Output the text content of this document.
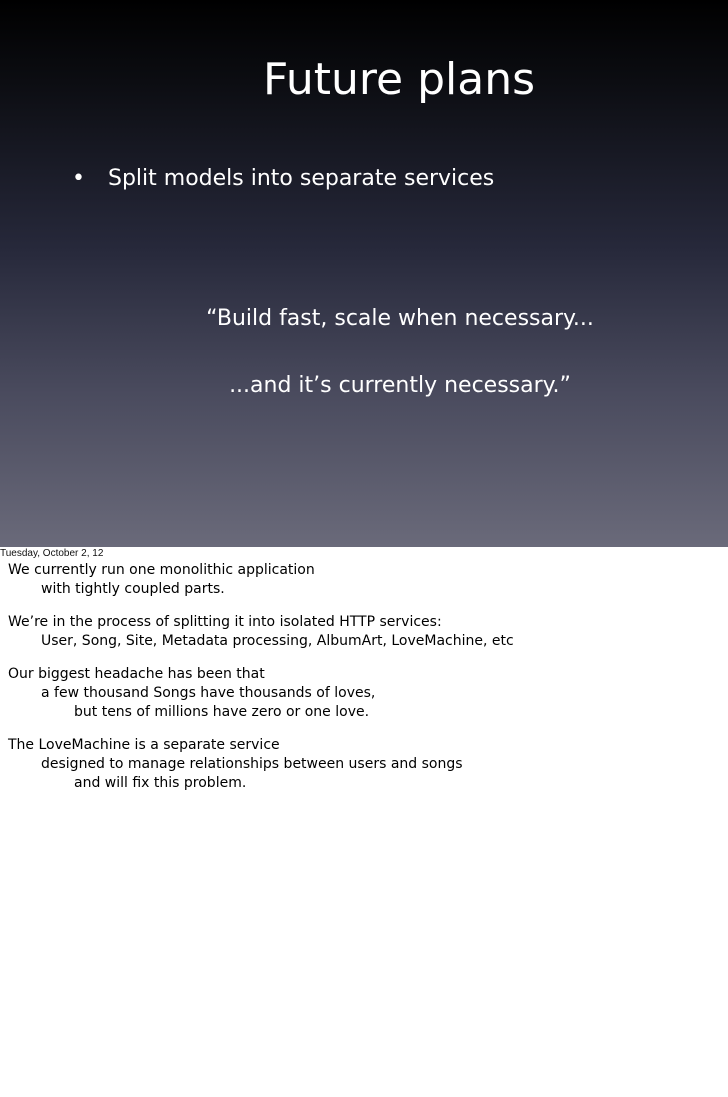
Future plans
•	Split models into separate services
“Build fast, scale when necessary...
...and it’s currently necessary.”
Tuesday, October 2, 12
We currently run one monolithic application
with tightly coupled parts.
We’re in the process of splitting it into isolated HTTP services:
User, Song, Site, Metadata processing, AlbumArt, LoveMachine, etc
Our biggest headache has been that
a few thousand Songs have thousands of loves,
but tens of millions have zero or one love.
The LoveMachine is a separate service
designed to manage relationships between users and songs
and will fix this problem.
